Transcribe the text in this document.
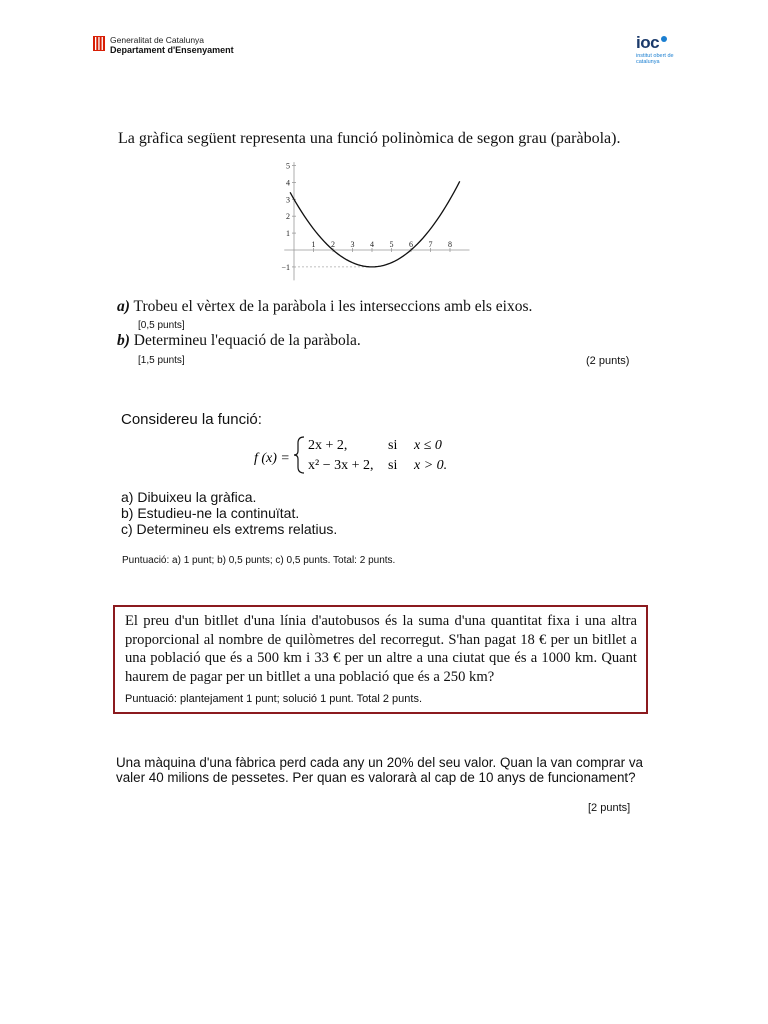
Generalitat de Catalunya
Departament d'Ensenyament	ioc
institut obert de catalunya
La gràfica següent representa una funció polinòmica de segon grau (paràbola).
1 2 3 4 5 6 7 8
−1
1
2
3
4
5
a) Trobeu el vèrtex de la paràbola i les interseccions amb els eixos.
[0,5 punts]
b) Determineu l'equació de la paràbola.
[1,5 punts]	(2 punts)
Considereu la funció:
f (x) =
2x + 2,	si x ≤ 0
x² − 3x + 2, si x > 0.
a) Dibuixeu la gràfica.
b) Estudieu-ne la continuïtat.
c) Determineu els extrems relatius.
Puntuació: a) 1 punt; b) 0,5 punts; c) 0,5 punts. Total: 2 punts.
El preu d'un bitllet d'una línia d'autobusos és la suma d'una quantitat fixa i una altra proporcional al nombre de quilòmetres del recorregut. S'han pagat 18 € per un bitllet a una població que és a 500 km i 33 € per un altre a una ciutat que és a 1000 km. Quant haurem de pagar per un bitllet a una població que és a 250 km?
Puntuació: plantejament 1 punt; solució 1 punt. Total 2 punts.
Una màquina d'una fàbrica perd cada any un 20% del seu valor. Quan la van comprar va valer 40 milions de pessetes. Per quan es valorarà al cap de 10 anys de funcionament?
[2 punts]
